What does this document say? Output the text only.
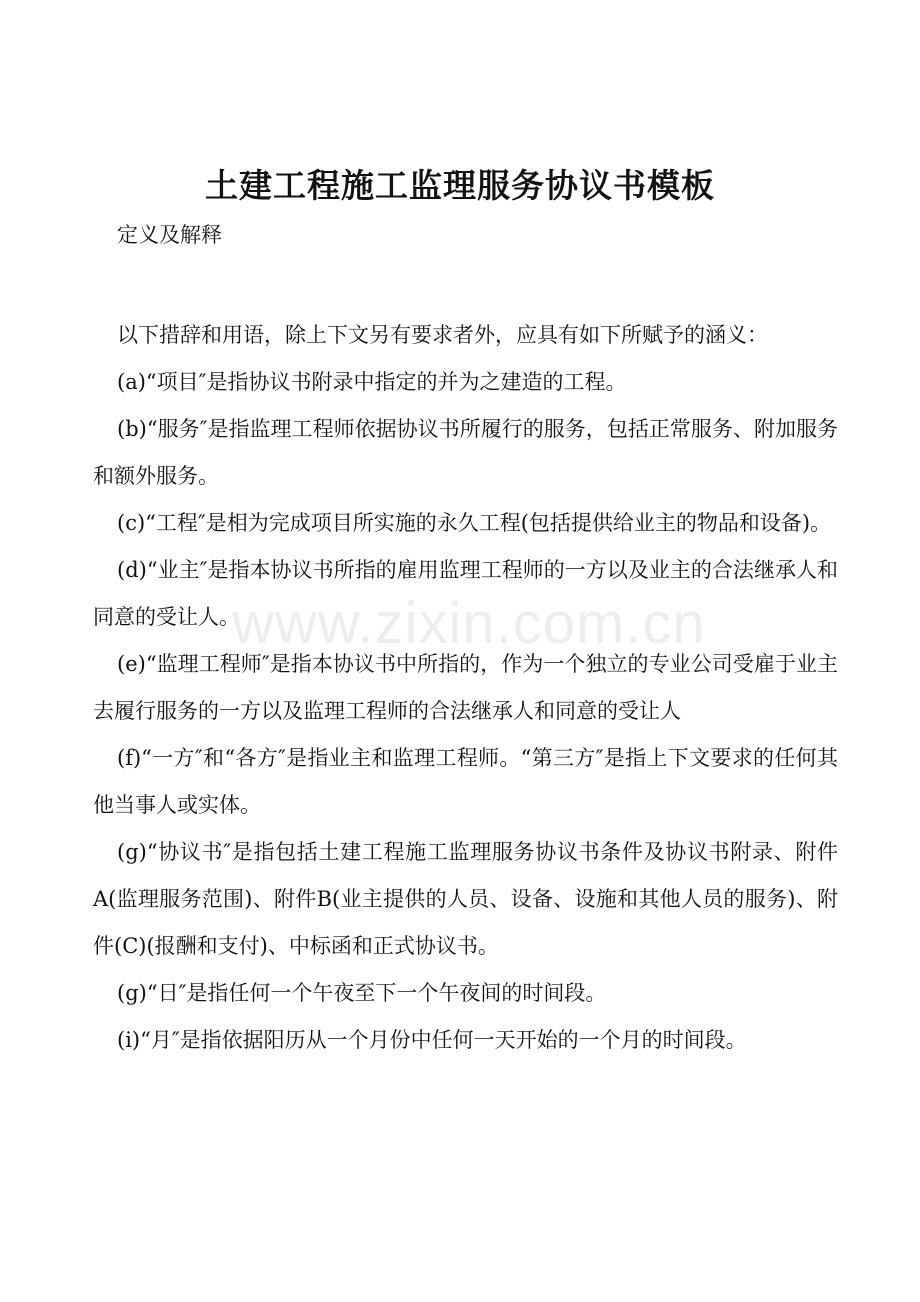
土建工程施工监理服务协议书模板

定义及解释

以下措辞和用语，除上下文另有要求者外，应具有如下所赋予的涵义：

(a)“项目″是指协议书附录中指定的并为之建造的工程。

(b)“服务″是指监理工程师依据协议书所履行的服务，包括正常服务、附加服务和额外服务。

(c)“工程″是相为完成项目所实施的永久工程(包括提供给业主的物品和设备)。

(d)“业主″是指本协议书所指的雇用监理工程师的一方以及业主的合法继承人和同意的受让人。

(e)“监理工程师″是指本协议书中所指的，作为一个独立的专业公司受雇于业主去履行服务的一方以及监理工程师的合法继承人和同意的受让人

(f)“一方″和“各方″是指业主和监理工程师。“第三方″是指上下文要求的任何其他当事人或实体。

(g)“协议书″是指包括土建工程施工监理服务协议书条件及协议书附录、附件A(监理服务范围)、附件B(业主提供的人员、设备、设施和其他人员的服务)、附件(C)(报酬和支付)、中标函和正式协议书。

(g)“日″是指任何一个午夜至下一个午夜间的时间段。

(i)“月″是指依据阳历从一个月份中任何一天开始的一个月的时间段。

www.zixin.com.cn
